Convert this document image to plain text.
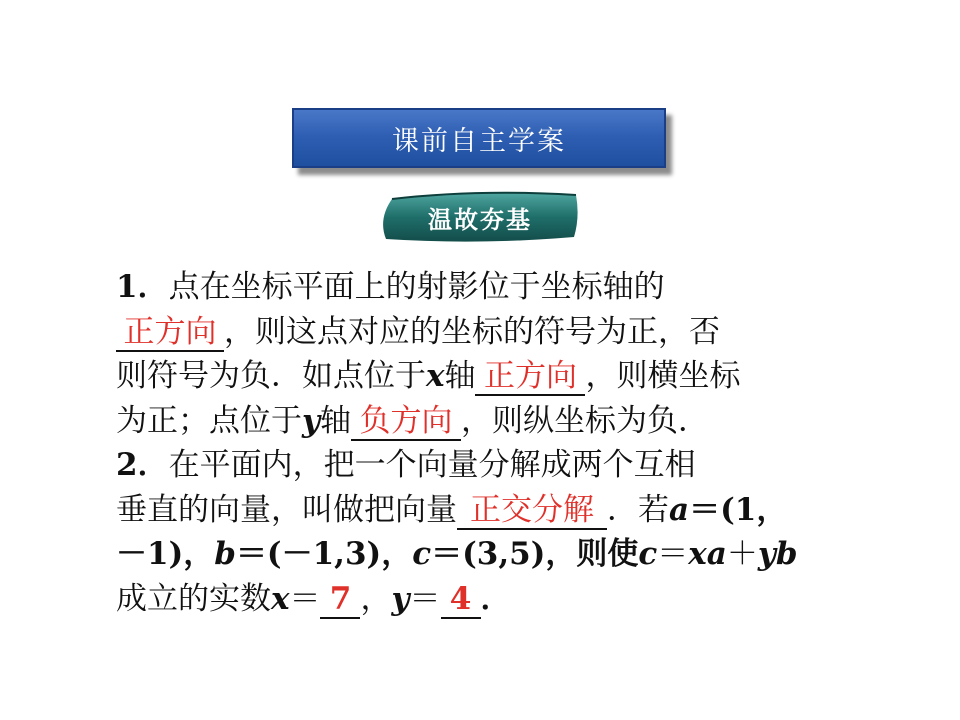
课前自主学案
温故夯基
1．点在坐标平面上的射影位于坐标轴的
正方向 ，则这点对应的坐标的符号为正，否
则符号为负．如点位于x轴 正方向 ，则横坐标
为正；点位于y轴 负方向 ，则纵坐标为负．
2．在平面内，把一个向量分解成两个互相
垂直的向量，叫做把向量 正交分解 ．若a＝(1，
－1)，b＝(－1,3)，c＝(3,5)，则使c＝xa＋yb
成立的实数x＝ 7 ，y＝ 4 ．
